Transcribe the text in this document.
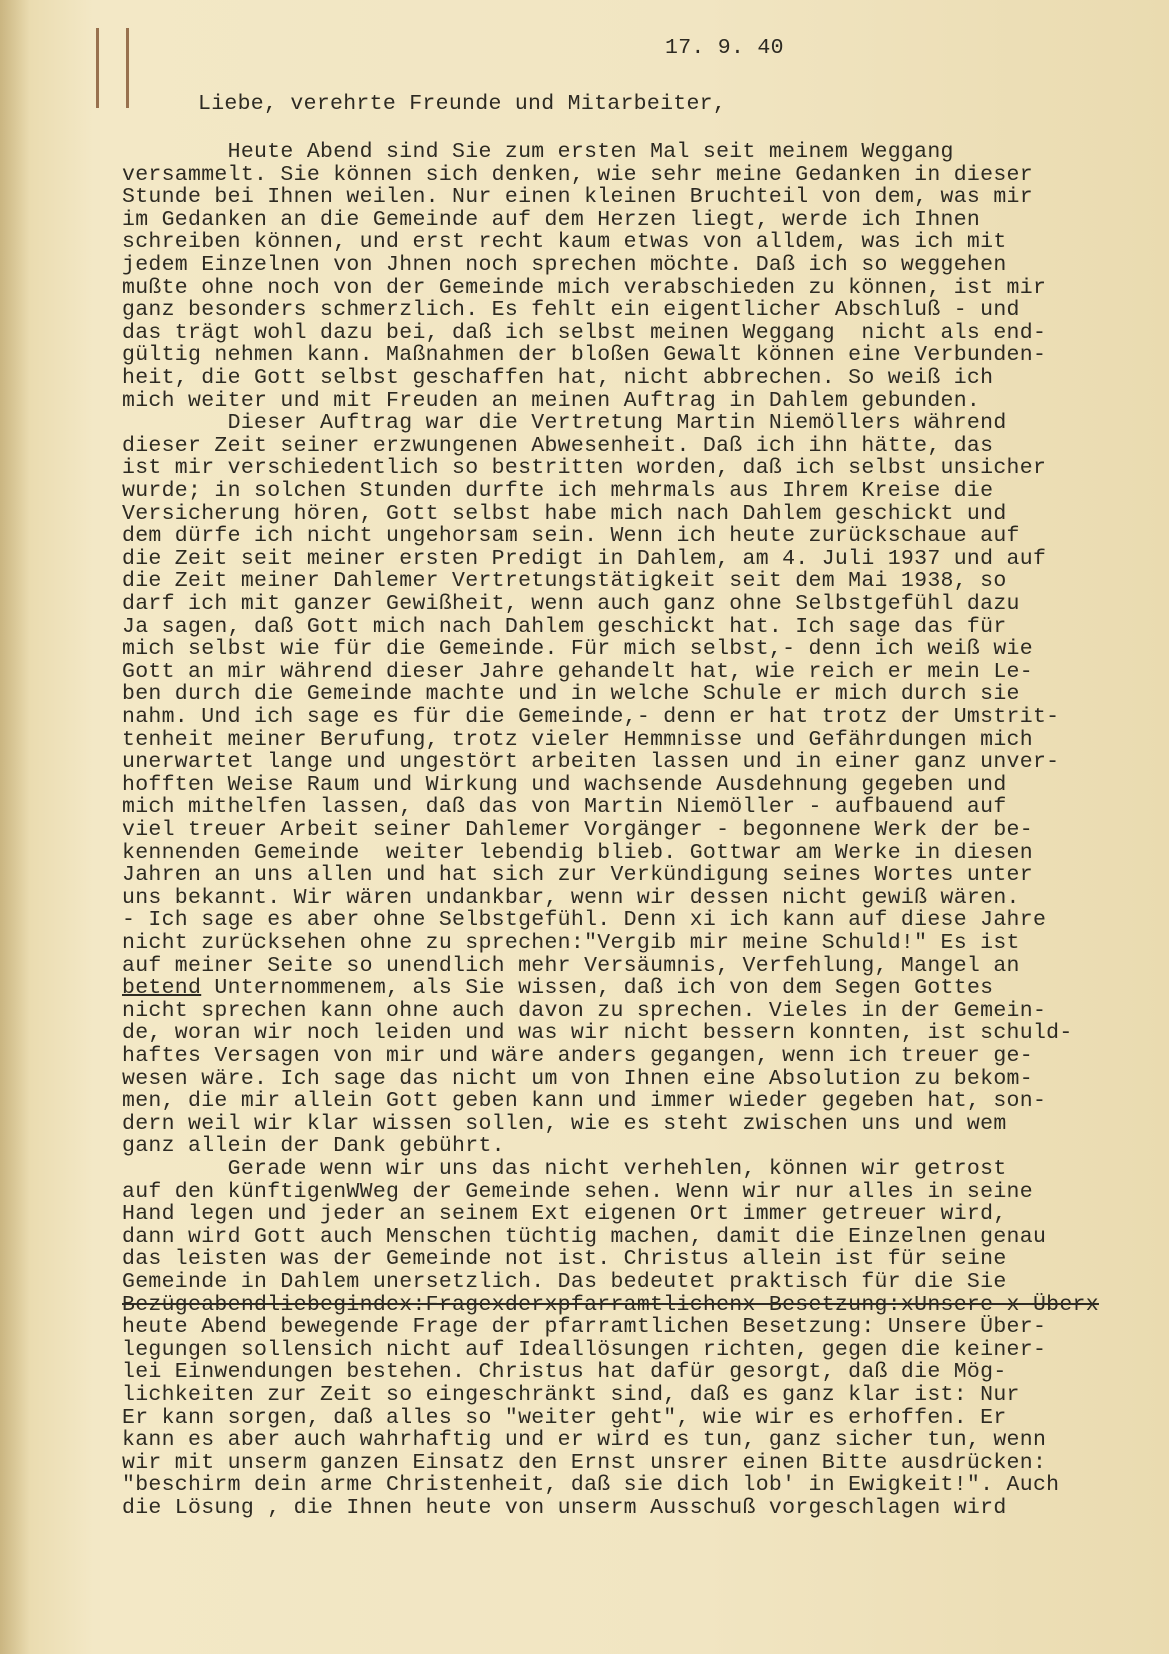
17. 9. 40
Liebe, verehrte Freunde und Mitarbeiter,
Heute Abend sind Sie zum ersten Mal seit meinem Weggang
versammelt. Sie können sich denken, wie sehr meine Gedanken in dieser
Stunde bei Ihnen weilen. Nur einen kleinen Bruchteil von dem, was mir
im Gedanken an die Gemeinde auf dem Herzen liegt, werde ich Ihnen
schreiben können, und erst recht kaum etwas von alldem, was ich mit
jedem Einzelnen von Jhnen noch sprechen möchte. Daß ich so weggehen
mußte ohne noch von der Gemeinde mich verabschieden zu können, ist mir
ganz besonders schmerzlich. Es fehlt ein eigentlicher Abschluß - und
das trägt wohl dazu bei, daß ich selbst meinen Weggang  nicht als end-
gültig nehmen kann. Maßnahmen der bloßen Gewalt können eine Verbunden-
heit, die Gott selbst geschaffen hat, nicht abbrechen. So weiß ich
mich weiter und mit Freuden an meinen Auftrag in Dahlem gebunden.
Dieser Auftrag war die Vertretung Martin Niemöllers während
dieser Zeit seiner erzwungenen Abwesenheit. Daß ich ihn hätte, das
ist mir verschiedentlich so bestritten worden, daß ich selbst unsicher
wurde; in solchen Stunden durfte ich mehrmals aus Ihrem Kreise die
Versicherung hören, Gott selbst habe mich nach Dahlem geschickt und
dem dürfe ich nicht ungehorsam sein. Wenn ich heute zurückschaue auf
die Zeit seit meiner ersten Predigt in Dahlem, am 4. Juli 1937 und auf
die Zeit meiner Dahlemer Vertretungstätigkeit seit dem Mai 1938, so
darf ich mit ganzer Gewißheit, wenn auch ganz ohne Selbstgefühl dazu
Ja sagen, daß Gott mich nach Dahlem geschickt hat. Ich sage das für
mich selbst wie für die Gemeinde. Für mich selbst,- denn ich weiß wie
Gott an mir während dieser Jahre gehandelt hat, wie reich er mein Le-
ben durch die Gemeinde machte und in welche Schule er mich durch sie
nahm. Und ich sage es für die Gemeinde,- denn er hat trotz der Umstrit-
tenheit meiner Berufung, trotz vieler Hemmnisse und Gefährdungen mich
unerwartet lange und ungestört arbeiten lassen und in einer ganz unver-
hofften Weise Raum und Wirkung und wachsende Ausdehnung gegeben und
mich mithelfen lassen, daß das von Martin Niemöller - aufbauend auf
viel treuer Arbeit seiner Dahlemer Vorgänger - begonnene Werk der be-
kennenden Gemeinde  weiter lebendig blieb. Gottwar am Werke in diesen
Jahren an uns allen und hat sich zur Verkündigung seines Wortes unter
uns bekannt. Wir wären undankbar, wenn wir dessen nicht gewiß wären.
- Ich sage es aber ohne Selbstgefühl. Denn xi ich kann auf diese Jahre
nicht zurücksehen ohne zu sprechen:"Vergib mir meine Schuld!" Es ist
auf meiner Seite so unendlich mehr Versäumnis, Verfehlung, Mangel an
betend Unternommenem, als Sie wissen, daß ich von dem Segen Gottes
nicht sprechen kann ohne auch davon zu sprechen. Vieles in der Gemein-
de, woran wir noch leiden und was wir nicht bessern konnten, ist schuld-
haftes Versagen von mir und wäre anders gegangen, wenn ich treuer ge-
wesen wäre. Ich sage das nicht um von Ihnen eine Absolution zu bekom-
men, die mir allein Gott geben kann und immer wieder gegeben hat, son-
dern weil wir klar wissen sollen, wie es steht zwischen uns und wem
ganz allein der Dank gebührt.
Gerade wenn wir uns das nicht verhehlen, können wir getrost
auf den künftigenWWeg der Gemeinde sehen. Wenn wir nur alles in seine
Hand legen und jeder an seinem Ext eigenen Ort immer getreuer wird,
dann wird Gott auch Menschen tüchtig machen, damit die Einzelnen genau
das leisten was der Gemeinde not ist. Christus allein ist für seine
Gemeinde in Dahlem unersetzlich. Das bedeutet praktisch für die Sie
Bezügeabendliebegindex:Fragexderxpfarramtlichenx Besetzung:xUnsere x Überx
heute Abend bewegende Frage der pfarramtlichen Besetzung: Unsere Über-
legungen sollensich nicht auf Ideallösungen richten, gegen die keiner-
lei Einwendungen bestehen. Christus hat dafür gesorgt, daß die Mög-
lichkeiten zur Zeit so eingeschränkt sind, daß es ganz klar ist: Nur
Er kann sorgen, daß alles so "weiter geht", wie wir es erhoffen. Er
kann es aber auch wahrhaftig und er wird es tun, ganz sicher tun, wenn
wir mit unserm ganzen Einsatz den Ernst unsrer einen Bitte ausdrücken:
"beschirm dein arme Christenheit, daß sie dich lob' in Ewigkeit!". Auch
die Lösung , die Ihnen heute von unserm Ausschuß vorgeschlagen wird
